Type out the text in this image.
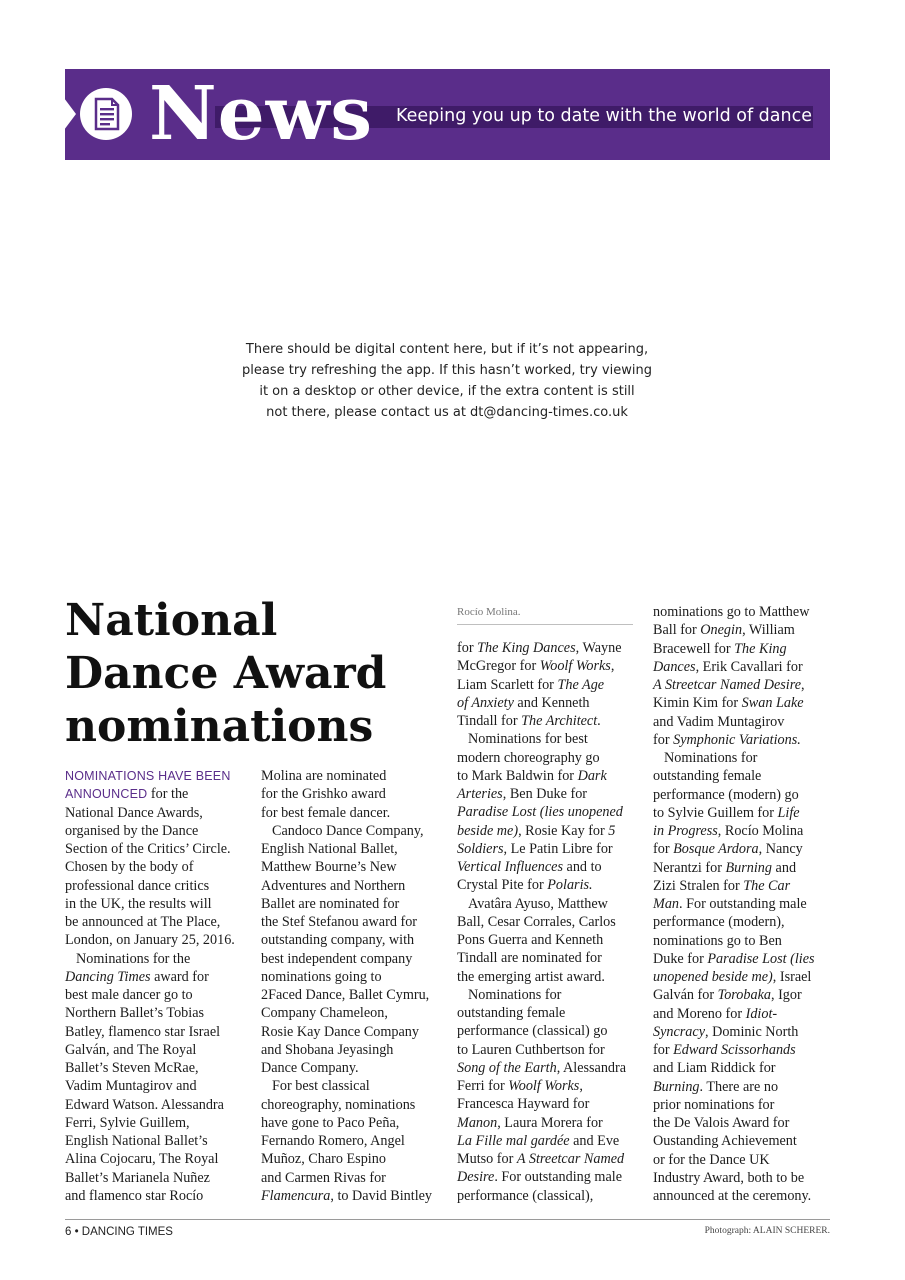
News Keeping you up to date with the world of dance
There should be digital content here, but if it’s not appearing,
please try refreshing the app. If this hasn’t worked, try viewing
it on a desktop or other device, if the extra content is still
not there, please contact us at dt@dancing-times.co.uk
National
Dance Award
nominations
NOMINATIONS HAVE BEEN
ANNOUNCED for the
National Dance Awards,
organised by the Dance
Section of the Critics’ Circle.
Chosen by the body of
professional dance critics
in the UK, the results will
be announced at The Place,
London, on January 25, 2016.
Nominations for the
Dancing Times award for
best male dancer go to
Northern Ballet’s Tobias
Batley, flamenco star Israel
Galván, and The Royal
Ballet’s Steven McRae,
Vadim Muntagirov and
Edward Watson. Alessandra
Ferri, Sylvie Guillem,
English National Ballet’s
Alina Cojocaru, The Royal
Ballet’s Marianela Nuñez
and flamenco star Rocío
Molina are nominated
for the Grishko award
for best female dancer.
Candoco Dance Company,
English National Ballet,
Matthew Bourne’s New
Adventures and Northern
Ballet are nominated for
the Stef Stefanou award for
outstanding company, with
best independent company
nominations going to
2Faced Dance, Ballet Cymru,
Company Chameleon,
Rosie Kay Dance Company
and Shobana Jeyasingh
Dance Company.
For best classical
choreography, nominations
have gone to Paco Peña,
Fernando Romero, Angel
Muñoz, Charo Espino
and Carmen Rivas for
Flamencura, to David Bintley
Rocío Molina.
for The King Dances, Wayne
McGregor for Woolf Works,
Liam Scarlett for The Age
of Anxiety and Kenneth
Tindall for The Architect.
Nominations for best
modern choreography go
to Mark Baldwin for Dark
Arteries, Ben Duke for
Paradise Lost (lies unopened
beside me), Rosie Kay for 5
Soldiers, Le Patin Libre for
Vertical Influences and to
Crystal Pite for Polaris.
Avatâra Ayuso, Matthew
Ball, Cesar Corrales, Carlos
Pons Guerra and Kenneth
Tindall are nominated for
the emerging artist award.
Nominations for
outstanding female
performance (classical) go
to Lauren Cuthbertson for
Song of the Earth, Alessandra
Ferri for Woolf Works,
Francesca Hayward for
Manon, Laura Morera for
La Fille mal gardée and Eve
Mutso for A Streetcar Named
Desire. For outstanding male
performance (classical),
nominations go to Matthew
Ball for Onegin, William
Bracewell for The King
Dances, Erik Cavallari for
A Streetcar Named Desire,
Kimin Kim for Swan Lake
and Vadim Muntagirov
for Symphonic Variations.
Nominations for
outstanding female
performance (modern) go
to Sylvie Guillem for Life
in Progress, Rocío Molina
for Bosque Ardora, Nancy
Nerantzi for Burning and
Zizi Stralen for The Car
Man. For outstanding male
performance (modern),
nominations go to Ben
Duke for Paradise Lost (lies
unopened beside me), Israel
Galván for Torobaka, Igor
and Moreno for Idiot-
Syncracy, Dominic North
for Edward Scissorhands
and Liam Riddick for
Burning. There are no
prior nominations for
the De Valois Award for
Oustanding Achievement
or for the Dance UK
Industry Award, both to be
announced at the ceremony.
6 • DANCING TIMES	Photograph: ALAIN SCHERER.
